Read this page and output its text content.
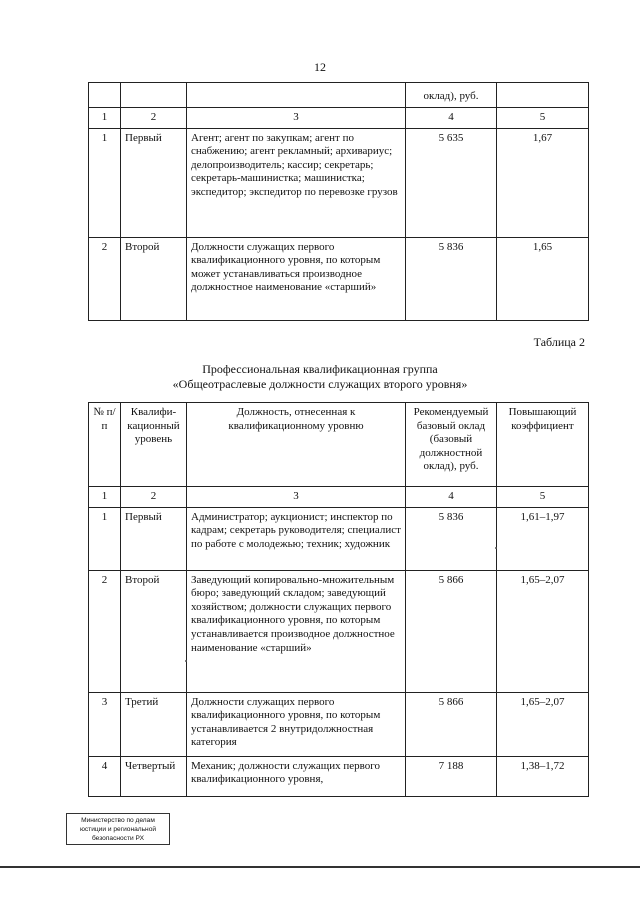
12
			оклад), руб.	
1	2	3	4	5
1	Первый	Агент; агент по закупкам; агент по снабжению; агент рекламный; архивариус; делопроизводитель; кассир; секретарь; секретарь-машинистка; машинистка; экспедитор; экспедитор по перевозке грузов	5 635	1,67
2	Второй	Должности служащих первого квалификационного уровня, по которым может устанавливаться производное должностное наименование «старший»	5 836	1,65
Таблица 2
Профессиональная квалификационная группа
«Общеотраслевые должности служащих второго уровня»
№ п/п	Квалифи-кационный уровень	Должность, отнесенная к квалификационному уровню	Рекомендуемый базовый оклад (базовый должностной оклад), руб.	Повышающий коэффициент
1	2	3	4	5
1	Первый	Администратор; аукционист; инспектор по кадрам; секретарь руководителя; специалист по работе с молодежью; техник; художник	5 836	1,61–1,97
2	Второй	Заведующий копировально-множительным бюро; заведующий складом; заведующий хозяйством; должности служащих первого квалификационного уровня, по которым устанавливается производное должностное наименование «старший»	5 866	1,65–2,07
3	Третий	Должности служащих первого квалификационного уровня, по которым устанавливается 2 внутридолжностная категория	5 866	1,65–2,07
4	Четвертый	Механик; должности служащих первого квалификационного уровня,	7 188	1,38–1,72
Министерство по делам
юстиции и региональной
безопасности РХ
